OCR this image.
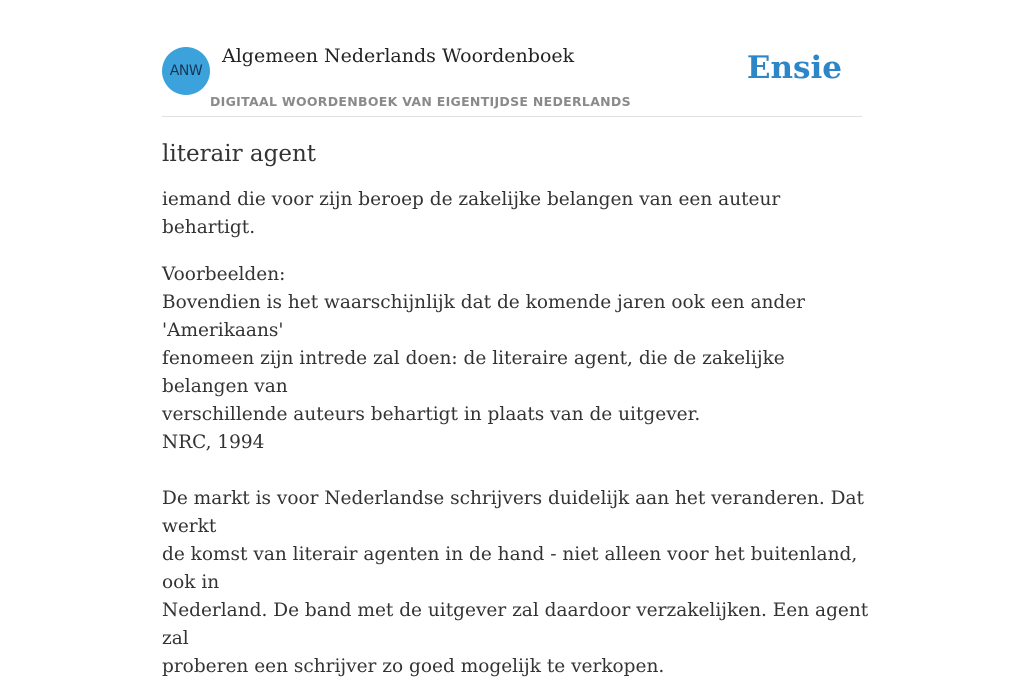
ANW
Algemeen Nederlands Woordenboek
DIGITAAL WOORDENBOEK VAN EIGENTIJDSE NEDERLANDS
Ensie
literair agent

iemand die voor zijn beroep de zakelijke belangen van een auteur behartigt.

Voorbeelden:
Bovendien is het waarschijnlijk dat de komende jaren ook een ander 'Amerikaans'
fenomeen zijn intrede zal doen: de literaire agent, die de zakelijke belangen van
verschillende auteurs behartigt in plaats van de uitgever.
NRC, 1994
De markt is voor Nederlandse schrijvers duidelijk aan het veranderen. Dat werkt
de komst van literair agenten in de hand - niet alleen voor het buitenland, ook in
Nederland. De band met de uitgever zal daardoor verzakelijken. Een agent zal
proberen een schrijver zo goed mogelijk te verkopen.
